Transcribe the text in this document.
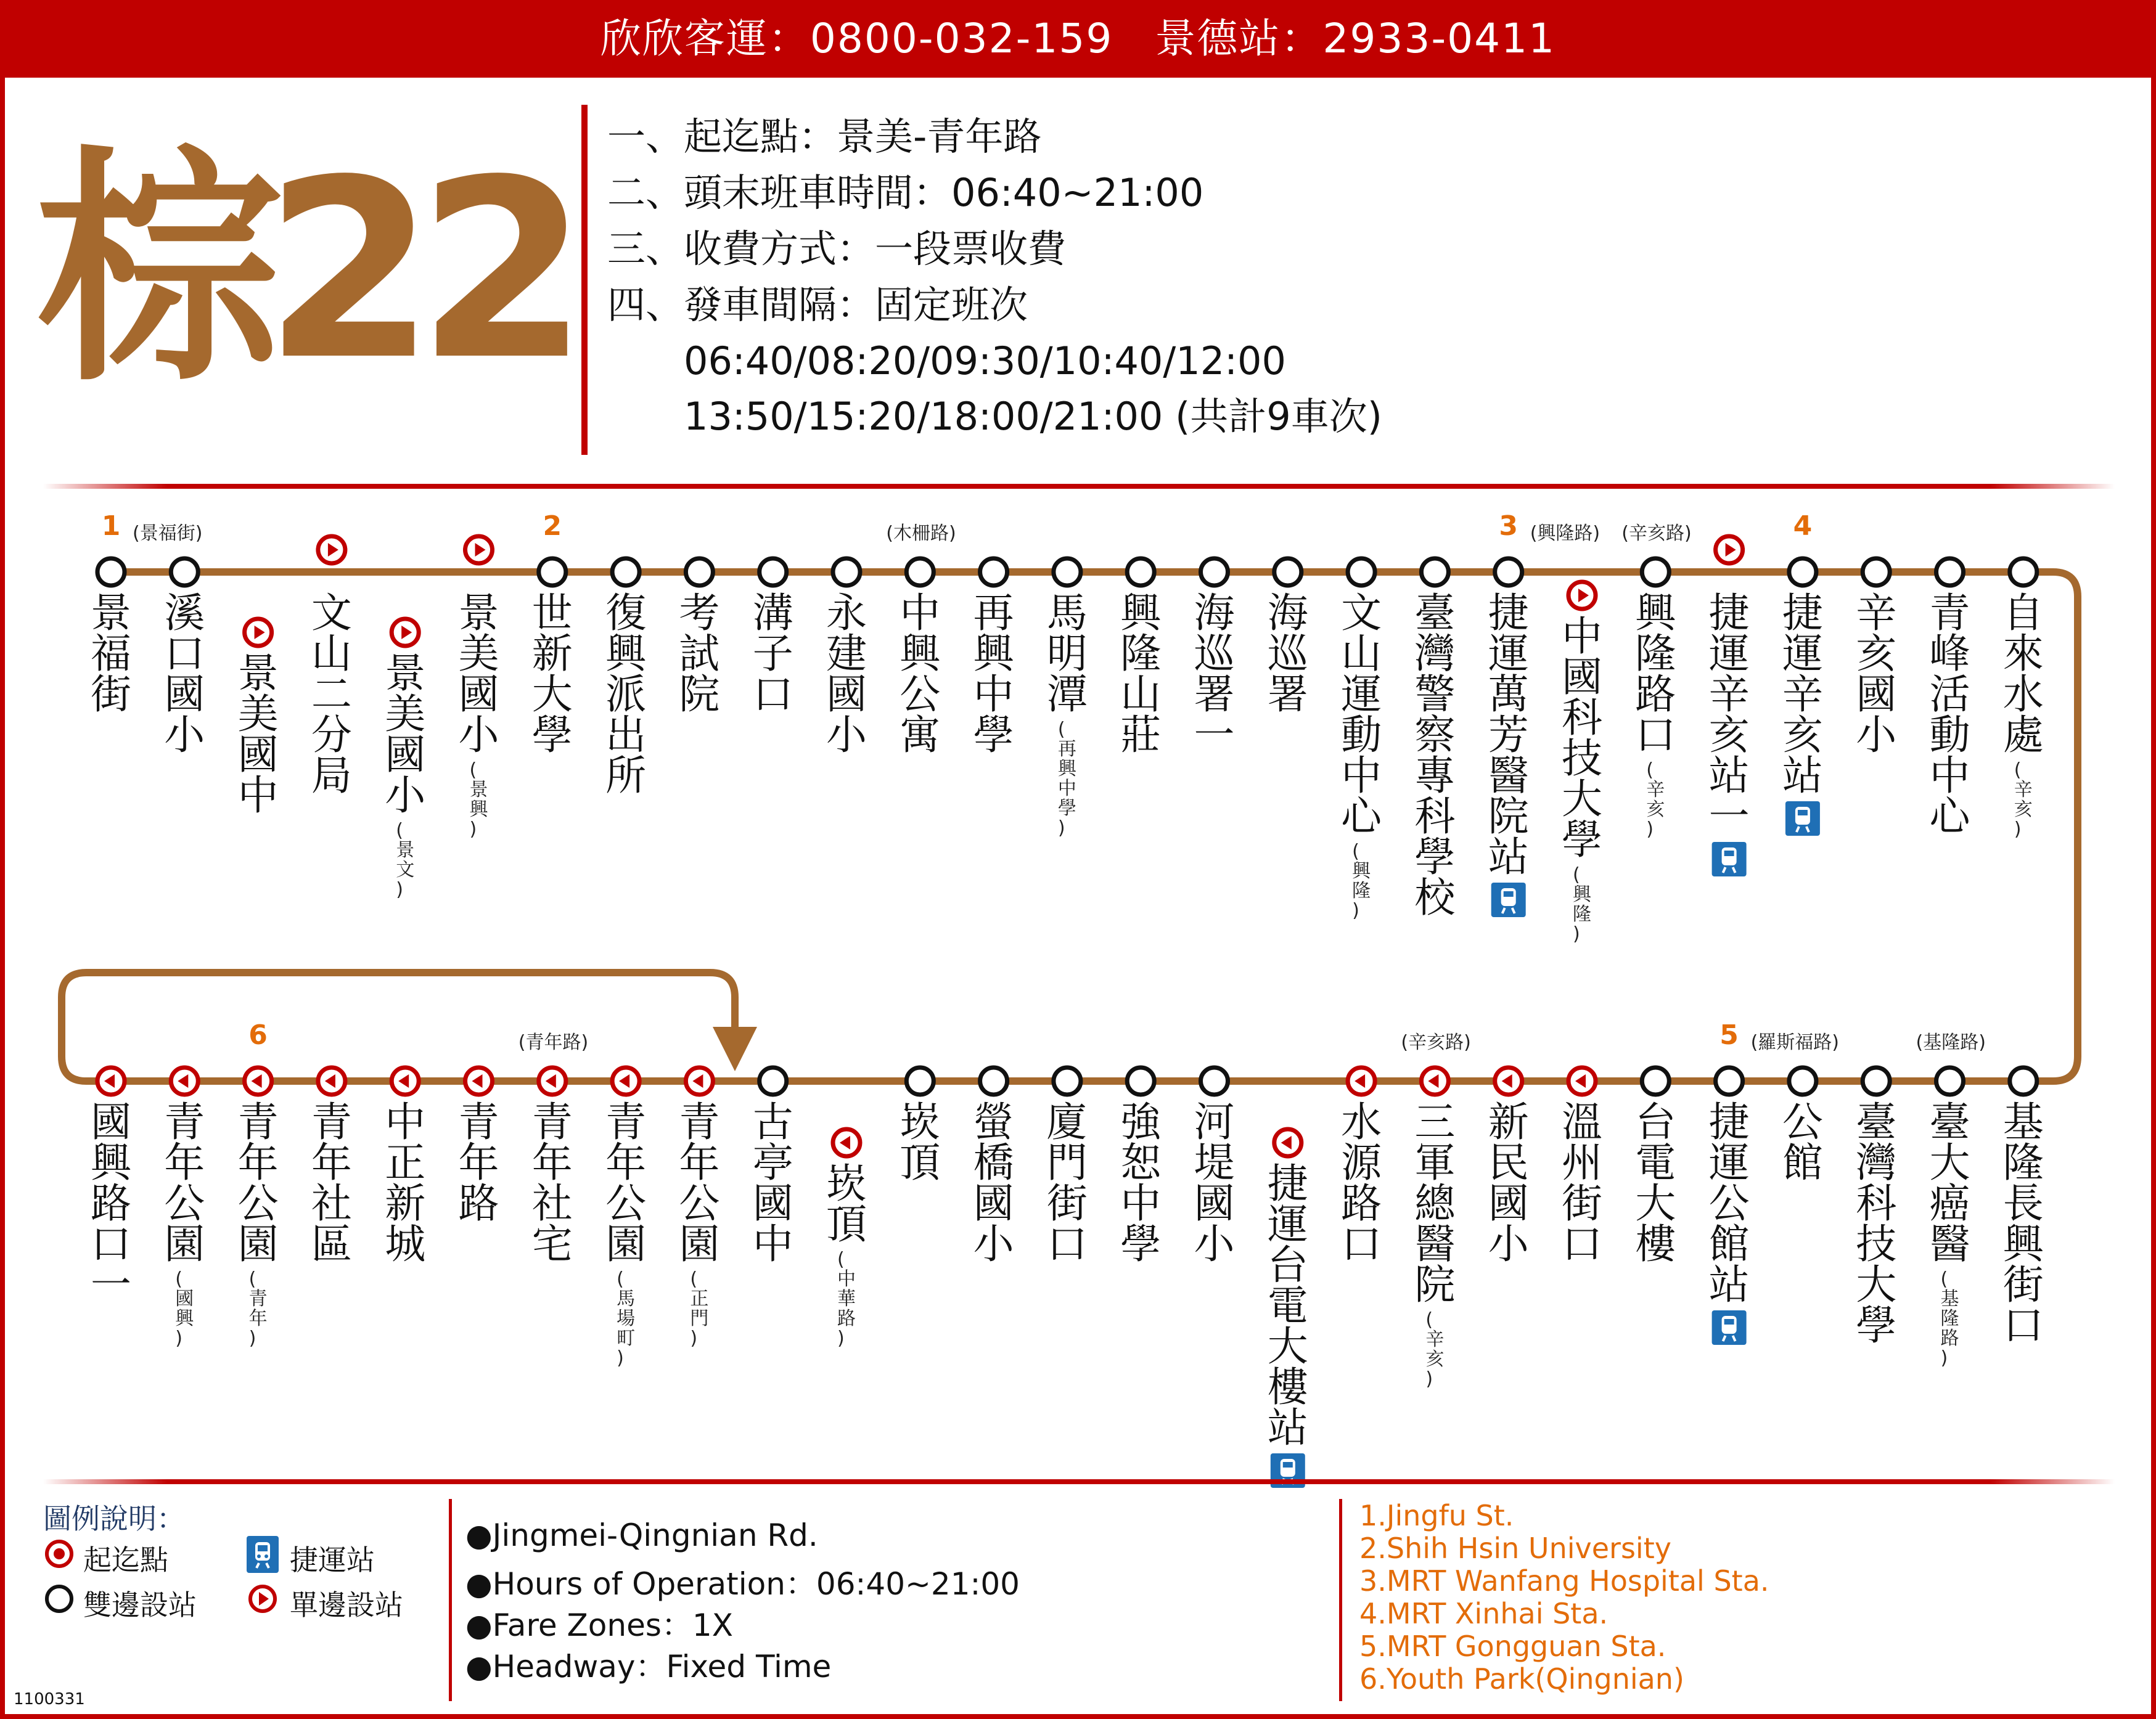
欣欣客運：0800-032-159　景德站：2933-0411
棕22 一、起迄點：景美-青年路
二、頭末班車時間：06:40~21:00
三、收費方式：一段票收費
四、發車間隔：固定班次
　　06:40/08:20/09:30/10:40/12:00
　　13:50/15:20/18:00/21:00 (共計9車次)
景
福
街
1 (景福街)
溪
口
國
小
景
美
國
中
文
山
二
分
局
景
美
國
小
(
景
文
)
景
美
國
小
(
景
興
)
世
新
大
學
2
復
興
派
出
所
考
試
院
溝
子
口
永
建
國
小
中
興
公
寓
(木柵路)
再
興
中
學
馬
明
潭
(
再
興
中
學
)
興
隆
山
莊
海
巡
署
一
海
巡
署
文
山
運
動
中
心
(
興
隆
)
臺
灣
警
察
專
科
學
校
捷
運
萬
芳
醫
院
站
3 (興隆路)
中
國
科
技
大
學
(
興
隆
)
興
隆
路
口
(
辛
亥
)
(辛亥路)
捷
運
辛
亥
站
一
捷
運
辛
亥
站
4
辛
亥
國
小
青
峰
活
動
中
心
自
來
水
處
(
辛
亥
)
國
興
路
口
一
青
年
公
園
(
國
興
)
青
年
公
園
(
青
年
)
6
青
年
社
區
中
正
新
城
青
年
路
青
年
社
宅
(青年路)
青
年
公
園
(
馬
場
町
)
青
年
公
園
(
正
門
)
古
亭
國
中
崁
頂
(
中
華
路
)
崁
頂
螢
橋
國
小
廈
門
街
口
強
恕
中
學
河
堤
國
小
捷
運
台
電
大
樓
站
水
源
路
口
三
軍
總
醫
院
(
辛
亥
)
(辛亥路)
新
民
國
小
溫
州
街
口
台
電
大
樓
捷
運
公
館
站
5 (羅斯福路)
公
館
臺
灣
科
技
大
學
臺
大
癌
醫
(
基
隆
路
)
(基隆路)
基
隆
長
興
街
口
圖例說明：
起迄點	捷運站
雙邊設站	單邊設站
●Jingmei-Qingnian Rd.
●Hours of Operation：06:40~21:00
●Fare Zones：1X
●Headway：Fixed Time
1.Jingfu St.
2.Shih Hsin University
3.MRT Wanfang Hospital Sta.
4.MRT Xinhai Sta.
5.MRT Gongguan Sta.
6.Youth Park(Qingnian)
1100331
